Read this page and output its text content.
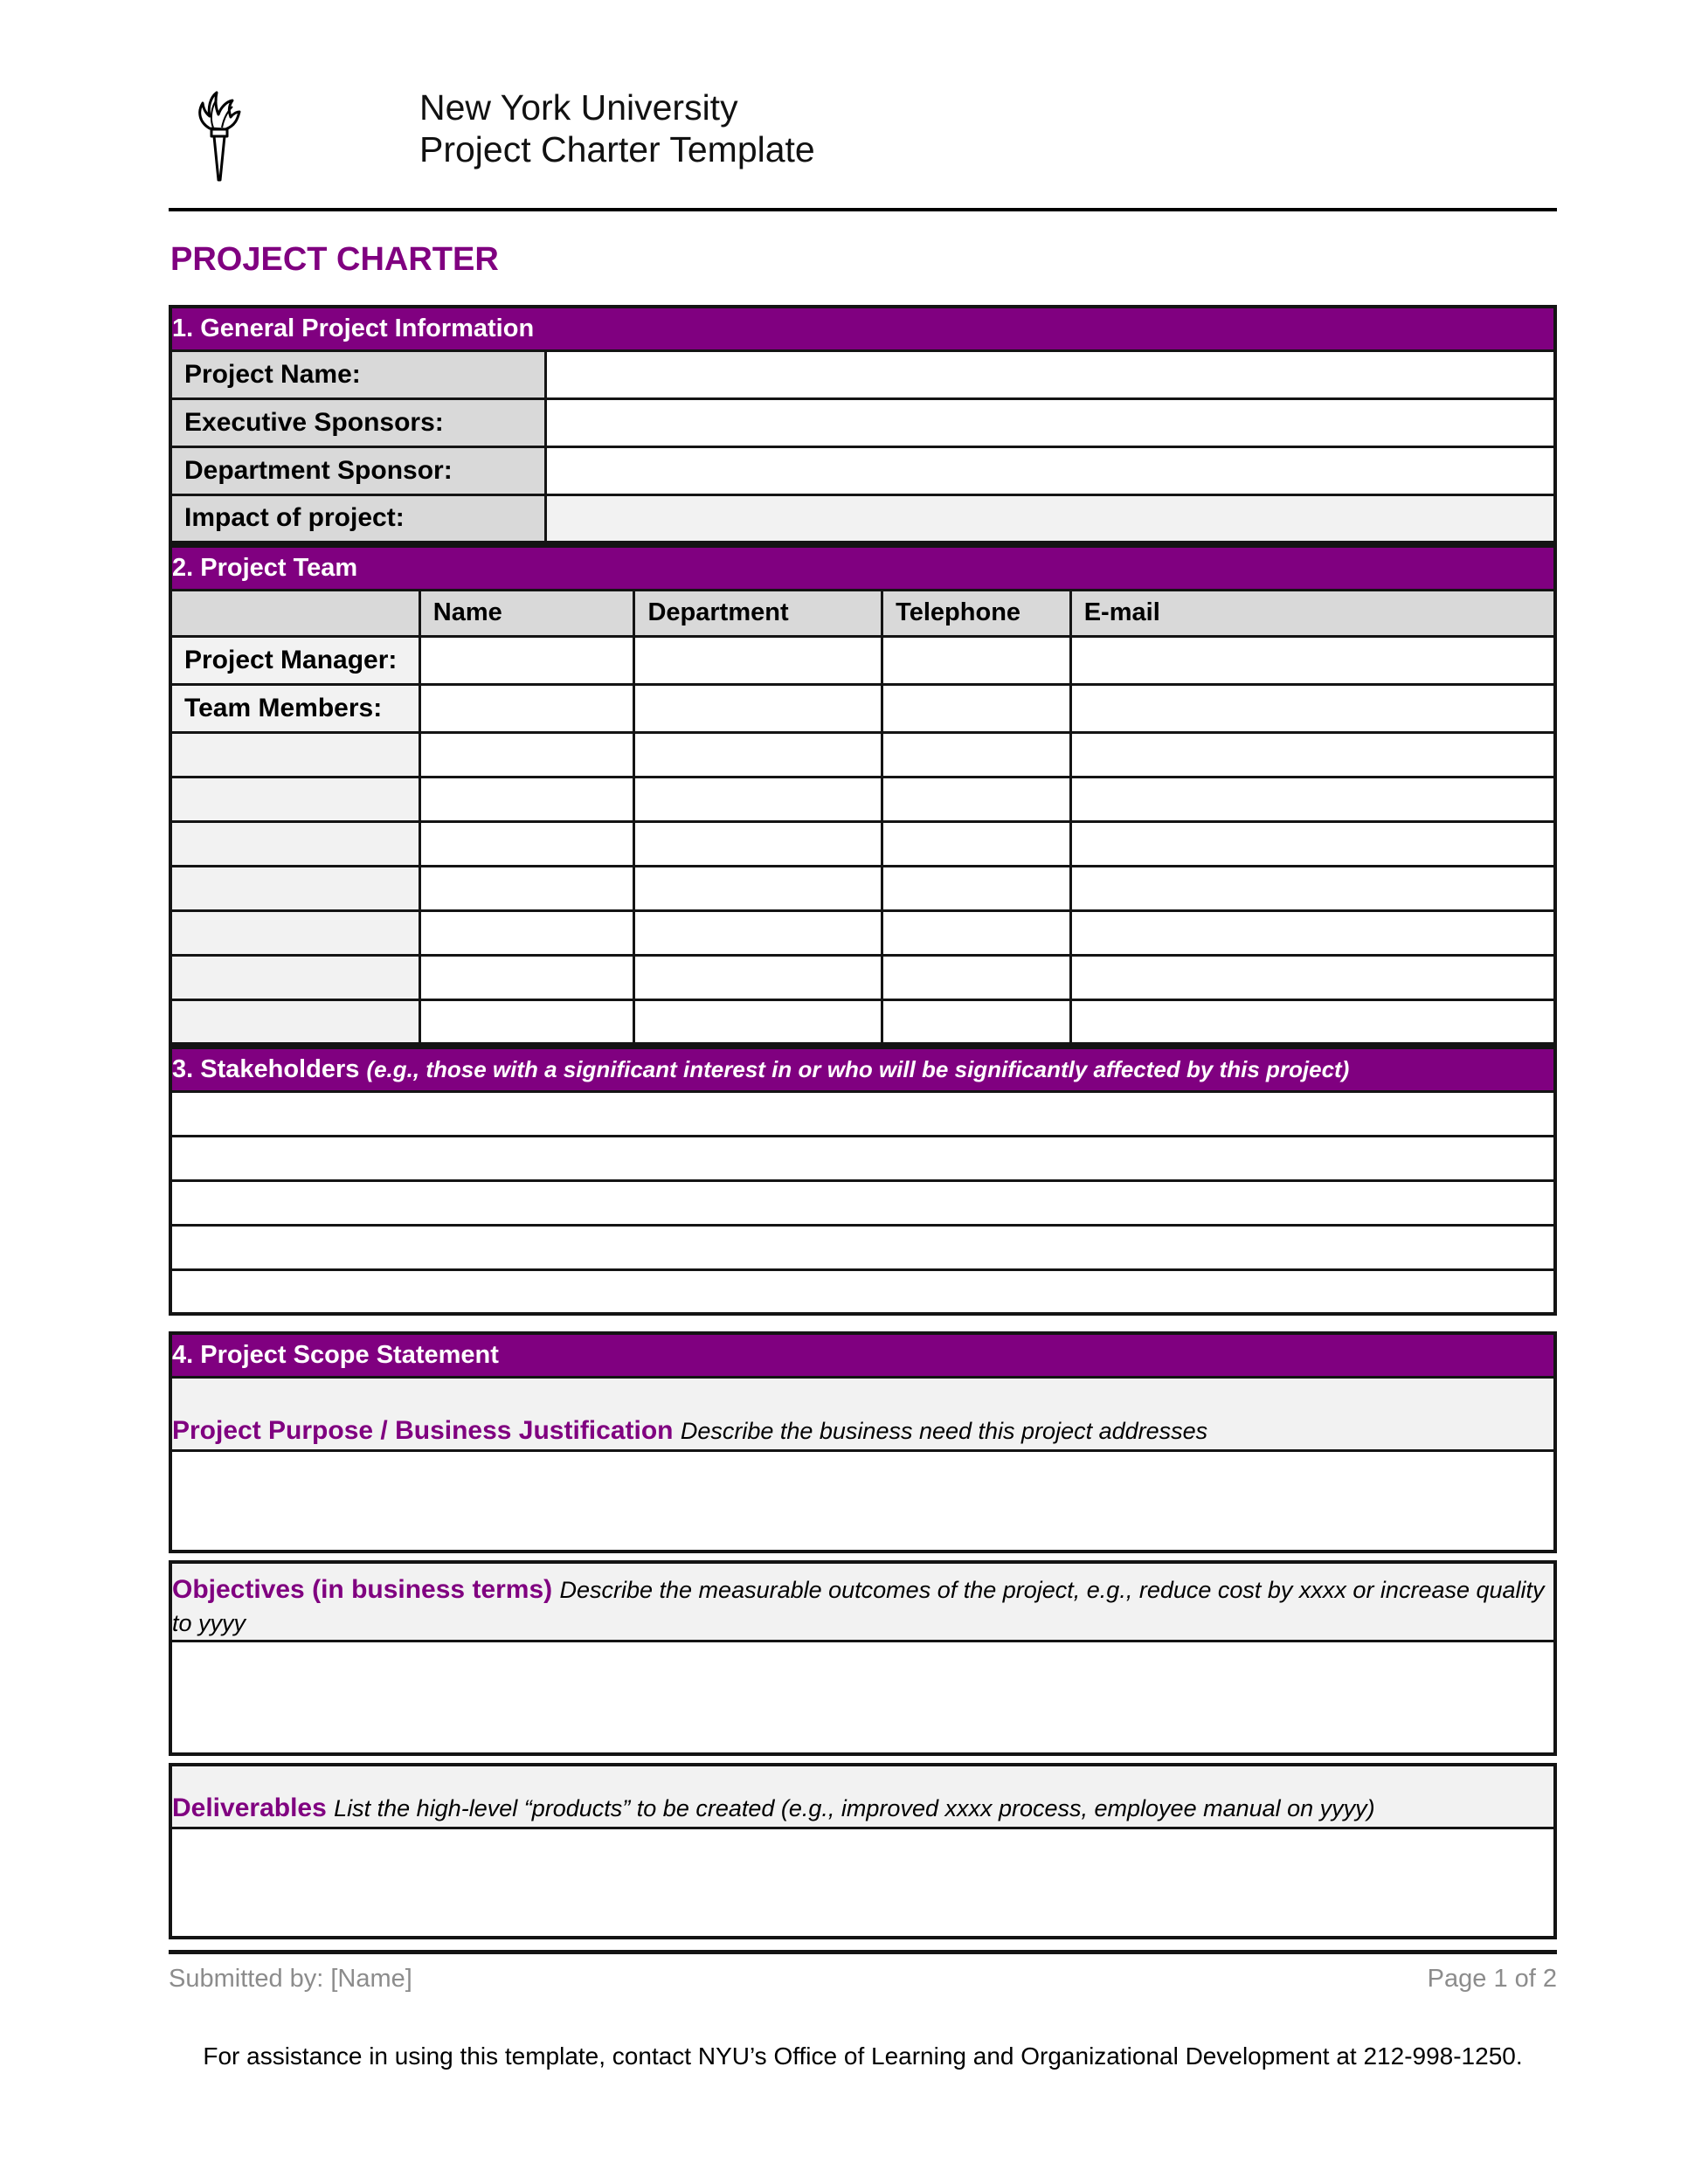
New York University
Project Charter Template
PROJECT CHARTER
1. General Project Information	
Project Name:	
Executive Sponsors:	
Department Sponsor:	
Impact of project:	
2. Project Team				
	Name	Department	Telephone	E-mail
Project Manager:				
Team Members:				

3. Stakeholders (e.g., those with a significant interest in or who will be significantly affected by this project)

4. Project Scope Statement
Project Purpose / Business Justification Describe the business need this project addresses

Objectives (in business terms) Describe the measurable outcomes of the project, e.g., reduce cost by xxxx or increase quality to yyyy

Deliverables List the high-level “products” to be created (e.g., improved xxxx process, employee manual on yyyy)

Submitted by: [Name]	Page 1 of 2
For assistance in using this template, contact NYU’s Office of Learning and Organizational Development at 212-998-1250.
